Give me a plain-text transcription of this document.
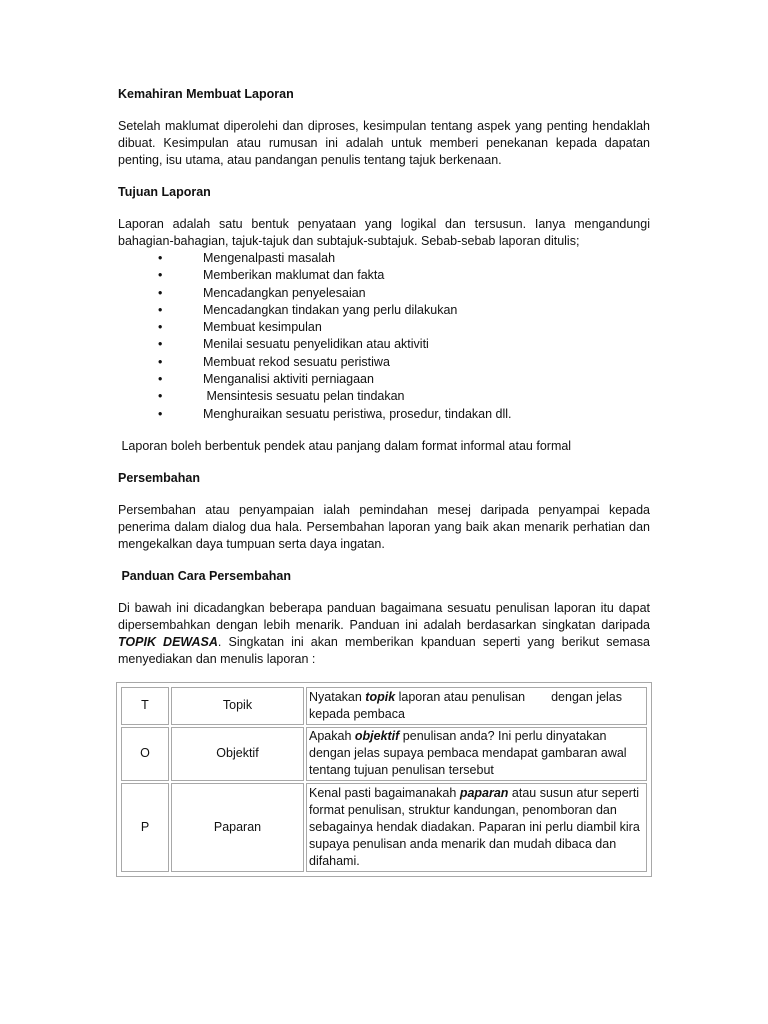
Kemahiran Membuat Laporan
Setelah maklumat diperolehi dan diproses, kesimpulan tentang aspek yang penting hendaklah dibuat. Kesimpulan atau rumusan ini adalah untuk memberi penekanan kepada dapatan penting, isu utama, atau pandangan penulis tentang tajuk berkenaan.
Tujuan Laporan
Laporan adalah satu bentuk penyataan yang logikal dan tersusun. Ianya mengandungi bahagian-bahagian, tajuk-tajuk dan subtajuk-subtajuk. Sebab-sebab laporan ditulis;
•	Mengenalpasti masalah
•	Memberikan maklumat dan fakta
•	Mencadangkan penyelesaian
•	Mencadangkan tindakan yang perlu dilakukan
•	Membuat kesimpulan
•	Menilai sesuatu penyelidikan atau aktiviti
•	Membuat rekod sesuatu peristiwa
•	Menganalisi aktiviti perniagaan
•	Mensintesis sesuatu pelan tindakan
•	Menghuraikan sesuatu peristiwa, prosedur, tindakan dll.
Laporan boleh berbentuk pendek atau panjang dalam format informal atau formal
Persembahan
Persembahan atau penyampaian ialah pemindahan mesej daripada penyampai kepada penerima dalam dialog dua hala. Persembahan laporan yang baik akan menarik perhatian dan mengekalkan daya tumpuan serta daya ingatan.
Panduan Cara Persembahan
Di bawah ini dicadangkan beberapa panduan bagaimana sesuatu penulisan laporan itu dapat dipersembahkan dengan lebih menarik. Panduan ini adalah berdasarkan singkatan daripada TOPIK DEWASA. Singkatan ini akan memberikan kpanduan seperti yang berikut semasa menyediakan dan menulis laporan :
T	Topik	Nyatakan topik laporan atau penulisan dengan jelas kepada pembaca
O	Objektif	Apakah objektif penulisan anda? Ini perlu dinyatakan dengan jelas supaya pembaca mendapat gambaran awal tentang tujuan penulisan tersebut
P	Paparan	Kenal pasti bagaimanakah paparan atau susun atur seperti format penulisan, struktur kandungan, penomboran dan sebagainya hendak diadakan. Paparan ini perlu diambil kira supaya penulisan anda menarik dan mudah dibaca dan difahami.
